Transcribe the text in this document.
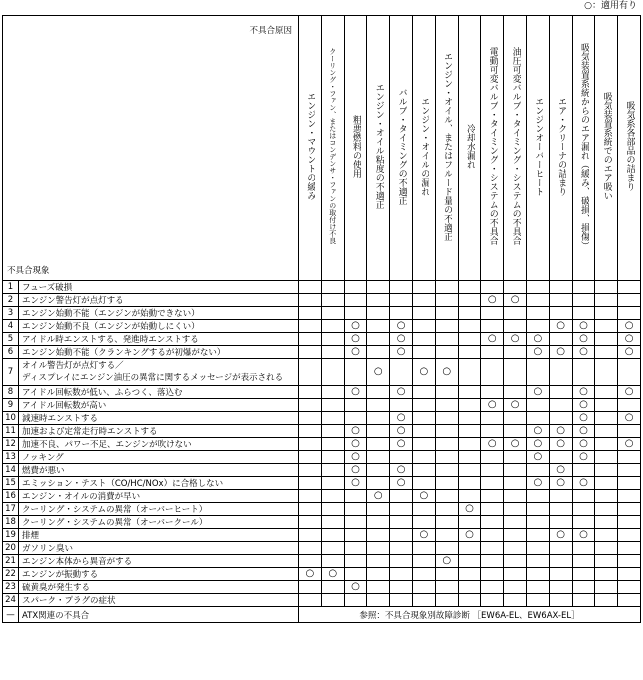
○：適用有り
不具合原因
不具合現象		エンジン・マウントの緩み	クーリング・ファン、またはコンデンサ・ファンの取付け不良	粗悪燃料の使用	エンジン・オイル粘度の不適正	バルブ・タイミングの不適正	エンジン・オイルの漏れ	エンジン・オイル、またはフルード量の不適正	冷却水漏れ	電動可変バルブ・タイミング・システムの不具合	油圧可変バルブ・タイミング・システムの不具合	エンジンオーバーヒート	エア・クリーナの詰まり	吸気装置系統からのエア漏れ（緩み、破損、損傷）	吸気装置系統でのエア吸い	吸気系各部品の詰まり

1	フューズ破損															
2	エンジン警告灯が点灯する									○	○					
3	エンジン始動不能（エンジンが始動できない）															
4	エンジン始動不良（エンジンが始動しにくい）			○		○							○	○		○
5	アイドル時エンストする、発進時エンストする			○		○				○	○	○		○		○
6	エンジン始動不能（クランキングするが初爆がない）			○		○						○	○	○		○
7	オイル警告灯が点灯する／
ディスプレイにエンジン油圧の異常に関するメッセージが表示される				○		○	○								
8	アイドル回転数が低い、ふらつく、落込む			○		○						○		○		○
9	アイドル回転数が高い									○	○			○		
10	減速時エンストする					○								○		○
11	加速および定常走行時エンストする			○		○						○	○	○		
12	加速不良、パワー不足、エンジンが吹けない			○		○				○	○	○	○	○		○
13	ノッキング			○								○		○		
14	燃費が悪い			○		○							○			
15	エミッション・テスト（CO/HC/NOx）に合格しない			○		○						○	○	○		
16	エンジン・オイルの消費が早い				○		○									
17	クーリング・システムの異常（オーバーヒート）								○							
18	クーリング・システムの異常（オーバークール）															
19	排煙						○		○				○	○		
20	ガソリン臭い															
21	エンジン本体から異音がする							○								
22	エンジンが振動する	○	○													
23	硫黄臭が発生する			○												
24	スパーク・プラグの症状															
—	ATX関連の不具合	参照：不具合現象別故障診断 ［EW6A-EL、EW6AX-EL］														
